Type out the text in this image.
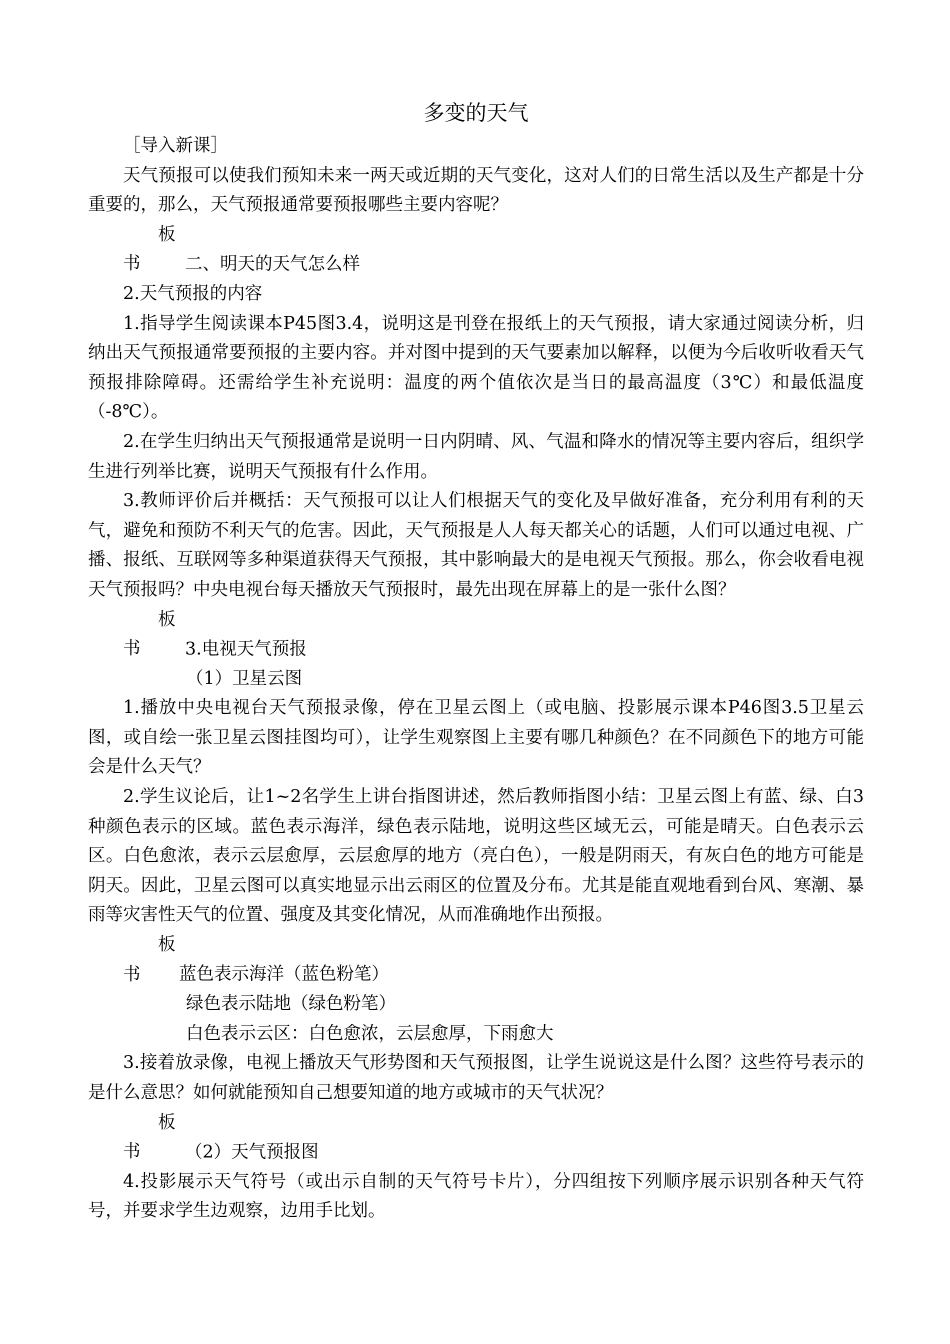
多变的天气

［导入新课］

天气预报可以使我们预知未来一两天或近期的天气变化，这对人们的日常生活以及生产都是十分重要的，那么，天气预报通常要预报哪些主要内容呢？

板书	二、明天的天气怎么样

2.天气预报的内容

1.指导学生阅读课本P45图3.4，说明这是刊登在报纸上的天气预报，请大家通过阅读分析，归纳出天气预报通常要预报的主要内容。并对图中提到的天气要素加以解释，以便为今后收听收看天气预报排除障碍。还需给学生补充说明：温度的两个值依次是当日的最高温度（3℃）和最低温度（-8℃）。

2.在学生归纳出天气预报通常是说明一日内阴晴、风、气温和降水的情况等主要内容后，组织学生进行列举比赛，说明天气预报有什么作用。

3.教师评价后并概括：天气预报可以让人们根据天气的变化及早做好准备，充分利用有利的天气，避免和预防不利天气的危害。因此，天气预报是人人每天都关心的话题，人们可以通过电视、广播、报纸、互联网等多种渠道获得天气预报，其中影响最大的是电视天气预报。那么，你会收看电视天气预报吗？中央电视台每天播放天气预报时，最先出现在屏幕上的是一张什么图？

板书	3.电视天气预报

（1）卫星云图

1.播放中央电视台天气预报录像，停在卫星云图上（或电脑、投影展示课本P46图3.5卫星云图，或自绘一张卫星云图挂图均可），让学生观察图上主要有哪几种颜色？在不同颜色下的地方可能会是什么天气？

2.学生议论后，让1~2名学生上讲台指图讲述，然后教师指图小结：卫星云图上有蓝、绿、白3种颜色表示的区域。蓝色表示海洋，绿色表示陆地，说明这些区域无云，可能是晴天。白色表示云区。白色愈浓，表示云层愈厚，云层愈厚的地方（亮白色），一般是阴雨天，有灰白色的地方可能是阴天。因此，卫星云图可以真实地显示出云雨区的位置及分布。尤其是能直观地看到台风、寒潮、暴雨等灾害性天气的位置、强度及其变化情况，从而准确地作出预报。

板书 蓝色表示海洋（蓝色粉笔）

绿色表示陆地（绿色粉笔）

白色表示云区：白色愈浓，云层愈厚，下雨愈大

3.接着放录像，电视上播放天气形势图和天气预报图，让学生说说这是什么图？这些符号表示的是什么意思？如何就能预知自己想要知道的地方或城市的天气状况？

板书	（2）天气预报图

4.投影展示天气符号（或出示自制的天气符号卡片），分四组按下列顺序展示识别各种天气符号，并要求学生边观察，边用手比划。
